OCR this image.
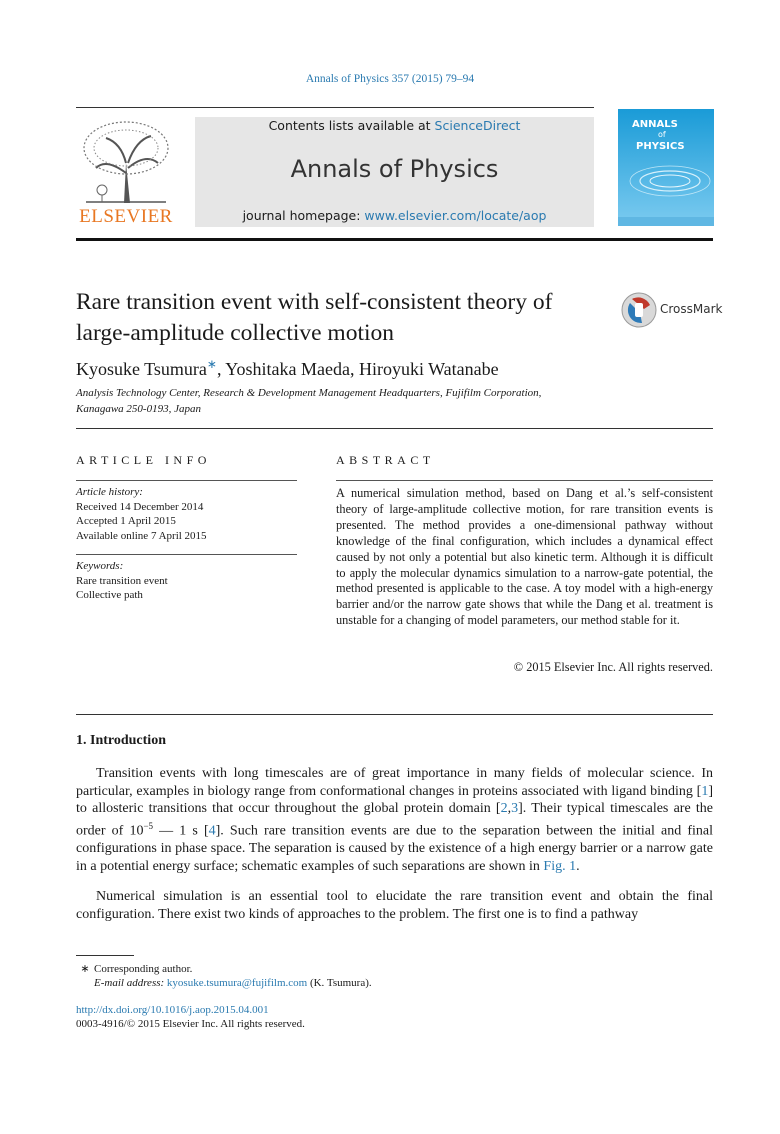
Annals of Physics 357 (2015) 79–94
ELSEVIER
Contents lists available at ScienceDirect
Annals of Physics
journal homepage: www.elsevier.com/locate/aop
ANNALS
of
PHYSICS
Rare transition event with self-consistent theory of large-amplitude collective motion
CrossMark
Kyosuke Tsumura∗, Yoshitaka Maeda, Hiroyuki Watanabe
Analysis Technology Center, Research & Development Management Headquarters, Fujifilm Corporation,
Kanagawa 250-0193, Japan
ARTICLE INFO
Article history:
Received 14 December 2014
Accepted 1 April 2015
Available online 7 April 2015
Keywords:
Rare transition event
Collective path
ABSTRACT
A numerical simulation method, based on Dang et al.’s self-consistent theory of large-amplitude collective motion, for rare transition events is presented. The method provides a one-dimensional pathway without knowledge of the final configuration, which includes a dynamical effect caused by not only a potential but also kinetic term. Although it is difficult to apply the molecular dynamics simulation to a narrow-gate potential, the method presented is applicable to the case. A toy model with a high-energy barrier and/or the narrow gate shows that while the Dang et al. treatment is unstable for a changing of model parameters, our method stable for it.
© 2015 Elsevier Inc. All rights reserved.
1. Introduction
Transition events with long timescales are of great importance in many fields of molecular science. In particular, examples in biology range from conformational changes in proteins associated with ligand binding [1] to allosteric transitions that occur throughout the global protein domain [2,3]. Their typical timescales are the order of $10^{-5}$ — 1 s [4]. Such rare transition events are due to the separation between the initial and final configurations in phase space. The separation is caused by the existence of a high energy barrier or a narrow gate in a potential energy surface; schematic examples of such separations are shown in Fig. 1.
Numerical simulation is an essential tool to elucidate the rare transition event and obtain the final configuration. There exist two kinds of approaches to the problem. The first one is to find a pathway
∗ Corresponding author.
E-mail address: kyosuke.tsumura@fujifilm.com (K. Tsumura).
http://dx.doi.org/10.1016/j.aop.2015.04.001
0003-4916/© 2015 Elsevier Inc. All rights reserved.
